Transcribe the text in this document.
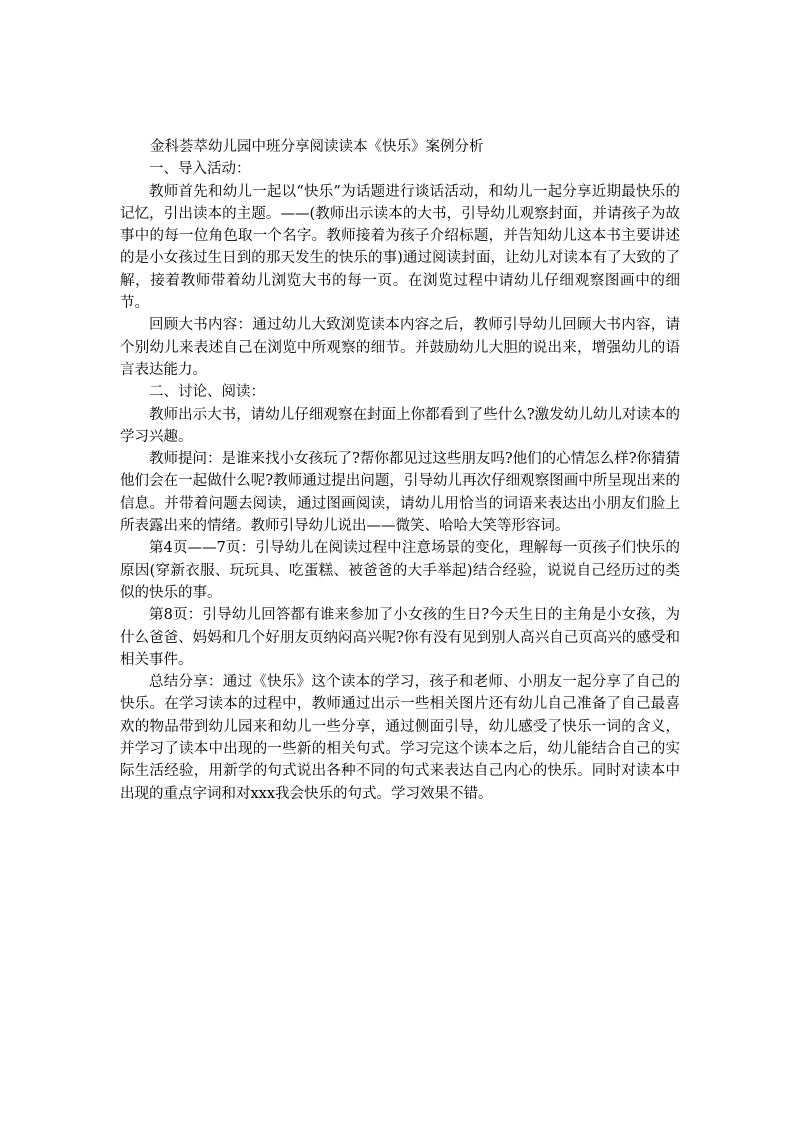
金科荟萃幼儿园中班分享阅读读本《快乐》案例分析

一、导入活动：

教师首先和幼儿一起以“快乐”为话题进行谈话活动，和幼儿一起分享近期最快乐的记忆，引出读本的主题。——(教师出示读本的大书，引导幼儿观察封面，并请孩子为故事中的每一位角色取一个名字。教师接着为孩子介绍标题，并告知幼儿这本书主要讲述的是小女孩过生日到的那天发生的快乐的事)通过阅读封面，让幼儿对读本有了大致的了解，接着教师带着幼儿浏览大书的每一页。在浏览过程中请幼儿仔细观察图画中的细节。

回顾大书内容：通过幼儿大致浏览读本内容之后，教师引导幼儿回顾大书内容，请个别幼儿来表述自己在浏览中所观察的细节。并鼓励幼儿大胆的说出来，增强幼儿的语言表达能力。

二、讨论、阅读：

教师出示大书，请幼儿仔细观察在封面上你都看到了些什么?激发幼儿幼儿对读本的学习兴趣。

教师提问：是谁来找小女孩玩了?帮你都见过这些朋友吗?他们的心情怎么样?你猜猜他们会在一起做什么呢?教师通过提出问题，引导幼儿再次仔细观察图画中所呈现出来的信息。并带着问题去阅读，通过图画阅读，请幼儿用恰当的词语来表达出小朋友们脸上所表露出来的情绪。教师引导幼儿说出——微笑、哈哈大笑等形容词。

第4页——7页：引导幼儿在阅读过程中注意场景的变化，理解每一页孩子们快乐的原因(穿新衣服、玩玩具、吃蛋糕、被爸爸的大手举起)结合经验，说说自己经历过的类似的快乐的事。

第8页：引导幼儿回答都有谁来参加了小女孩的生日?今天生日的主角是小女孩，为什么爸爸、妈妈和几个好朋友页纳闷高兴呢?你有没有见到别人高兴自己页高兴的感受和相关事件。

总结分享：通过《快乐》这个读本的学习，孩子和老师、小朋友一起分享了自己的快乐。在学习读本的过程中，教师通过出示一些相关图片还有幼儿自己准备了自己最喜欢的物品带到幼儿园来和幼儿一些分享，通过侧面引导，幼儿感受了快乐一词的含义，并学习了读本中出现的一些新的相关句式。学习完这个读本之后，幼儿能结合自己的实际生活经验，用新学的句式说出各种不同的句式来表达自己内心的快乐。同时对读本中出现的重点字词和对xxx我会快乐的句式。学习效果不错。
